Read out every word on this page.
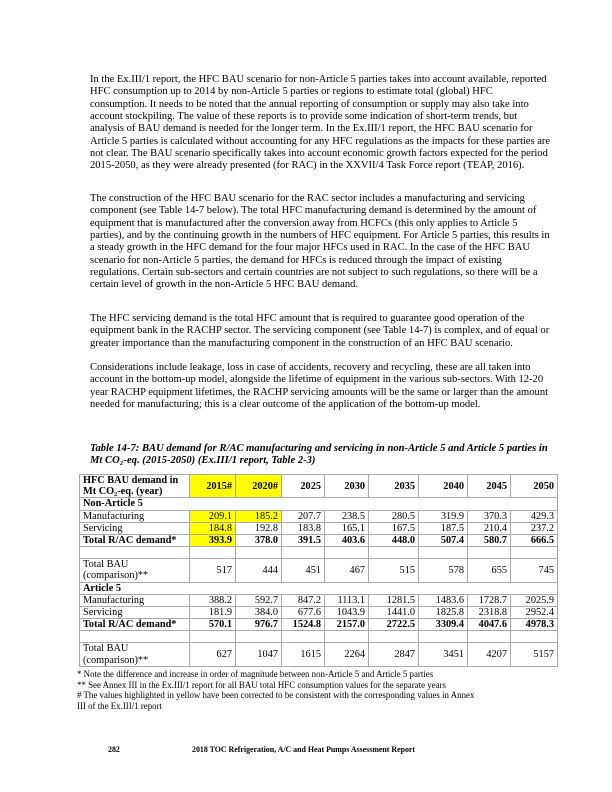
In the Ex.III/1 report, the HFC BAU scenario for non-Article 5 parties takes into account available, reported HFC consumption up to 2014 by non-Article 5 parties or regions to estimate total (global) HFC consumption. It needs to be noted that the annual reporting of consumption or supply may also take into account stockpiling. The value of these reports is to provide some indication of short-term trends, but analysis of BAU demand is needed for the longer term. In the Ex.III/1 report, the HFC BAU scenario for Article 5 parties is calculated without accounting for any HFC regulations as the impacts for these parties are not clear. The BAU scenario specifically takes into account economic growth factors expected for the period 2015-2050, as they were already presented (for RAC) in the XXVII/4 Task Force report (TEAP, 2016).

The construction of the HFC BAU scenario for the RAC sector includes a manufacturing and servicing component (see Table 14-7 below). The total HFC manufacturing demand is determined by the amount of equipment that is manufactured after the conversion away from HCFCs (this only applies to Article 5 parties), and by the continuing growth in the numbers of HFC equipment. For Article 5 parties, this results in a steady growth in the HFC demand for the four major HFCs used in RAC. In the case of the HFC BAU scenario for non-Article 5 parties, the demand for HFCs is reduced through the impact of existing regulations. Certain sub-sectors and certain countries are not subject to such regulations, so there will be a certain level of growth in the non-Article 5 HFC BAU demand.

The HFC servicing demand is the total HFC amount that is required to guarantee good operation of the equipment bank in the RACHP sector. The servicing component (see Table 14-7) is complex, and of equal or greater importance than the manufacturing component in the construction of an HFC BAU scenario.

Considerations include leakage, loss in case of accidents, recovery and recycling, these are all taken into account in the bottom-up model, alongside the lifetime of equipment in the various sub-sectors. With 12-20 year RACHP equipment lifetimes, the RACHP servicing amounts will be the same or larger than the amount needed for manufacturing; this is a clear outcome of the application of the bottom-up model.

Table 14-7: BAU demand for R/AC manufacturing and servicing in non-Article 5 and Article 5 parties in Mt CO₂-eq. (2015-2050) (Ex.III/1 report, Table 2-3)

HFC BAU demand in Mt CO₂-eq. (year)	2015#	2020#	2025	2030	2035	2040	2045	2050
Non-Article 5								
Manufacturing	209.1	185.2	207.7	238.5	280.5	319.9	370.3	429.3
Servicing	184.8	192.8	183.8	165.1	167.5	187.5	210.4	237.2
Total R/AC demand*	393.9	378.0	391.5	403.6	448.0	507.4	580.7	666.5

Total BAU (comparison)**	517	444	451	467	515	578	655	745
Article 5								
Manufacturing	388.2	592.7	847.2	1113.1	1281.5	1483.6	1728.7	2025.9
Servicing	181.9	384.0	677.6	1043.9	1441.0	1825.8	2318.8	2952.4
Total R/AC demand*	570.1	976.7	1524.8	2157.0	2722.5	3309.4	4047.6	4978.3

Total BAU (comparison)**	627	1047	1615	2264	2847	3451	4207	5157
* Note the difference and increase in order of magnitude between non-Article 5 and Article 5 parties
** See Annex III in the Ex.III/1 report for all BAU total HFC consumption values for the separate years
# The values highlighted in yellow have been corrected to be consistent with the corresponding values in Annex
III of the Ex.III/1 report
282	2018 TOC Refrigeration, A/C and Heat Pumps Assessment Report
